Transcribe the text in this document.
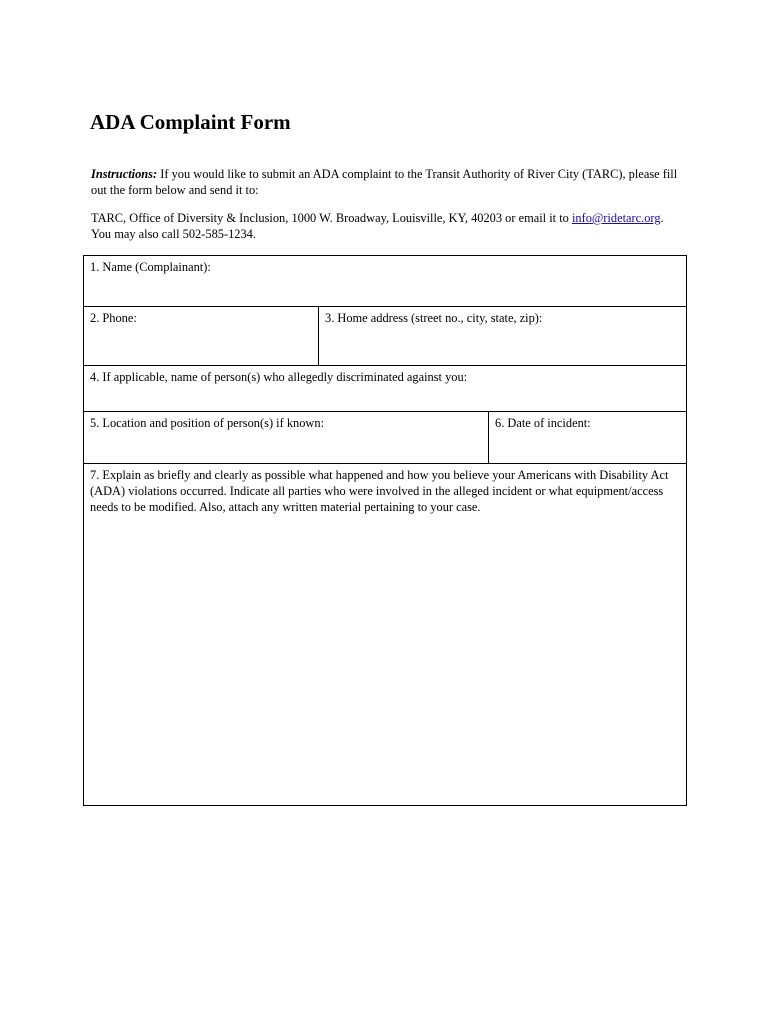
ADA Complaint Form

Instructions: If you would like to submit an ADA complaint to the Transit Authority of River City (TARC), please fill out the form below and send it to:

TARC, Office of Diversity & Inclusion, 1000 W. Broadway, Louisville, KY, 40203 or email it to info@ridetarc.org.
You may also call 502-585-1234.

1. Name (Complainant):
2. Phone:	3. Home address (street no., city, state, zip):
4. If applicable, name of person(s) who allegedly discriminated against you:
5. Location and position of person(s) if known:	6. Date of incident:
7. Explain as briefly and clearly as possible what happened and how you believe your Americans with Disability Act (ADA) violations occurred. Indicate all parties who were involved in the alleged incident or what equipment/access needs to be modified. Also, attach any written material pertaining to your case.
